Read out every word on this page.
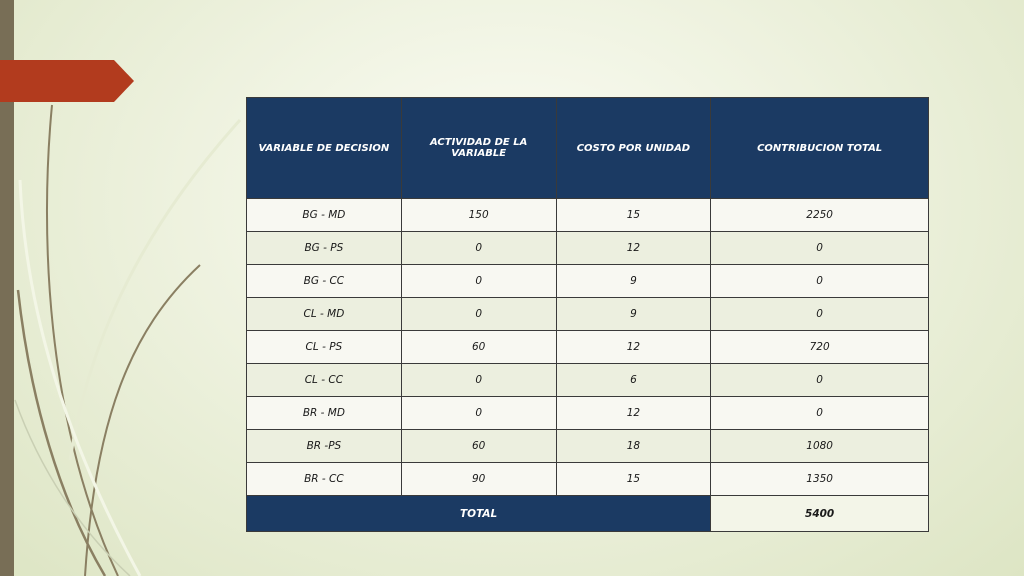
VARIABLE DE DECISION	ACTIVIDAD DE LA VARIABLE	COSTO POR UNIDAD	CONTRIBUCION TOTAL
BG - MD	150	15	2250
BG - PS	0	12	0
BG - CC	0	9	0
CL - MD	0	9	0
CL - PS	60	12	720
CL - CC	0	6	0
BR - MD	0	12	0
BR -PS	60	18	1080
BR - CC	90	15	1350
TOTAL			5400
